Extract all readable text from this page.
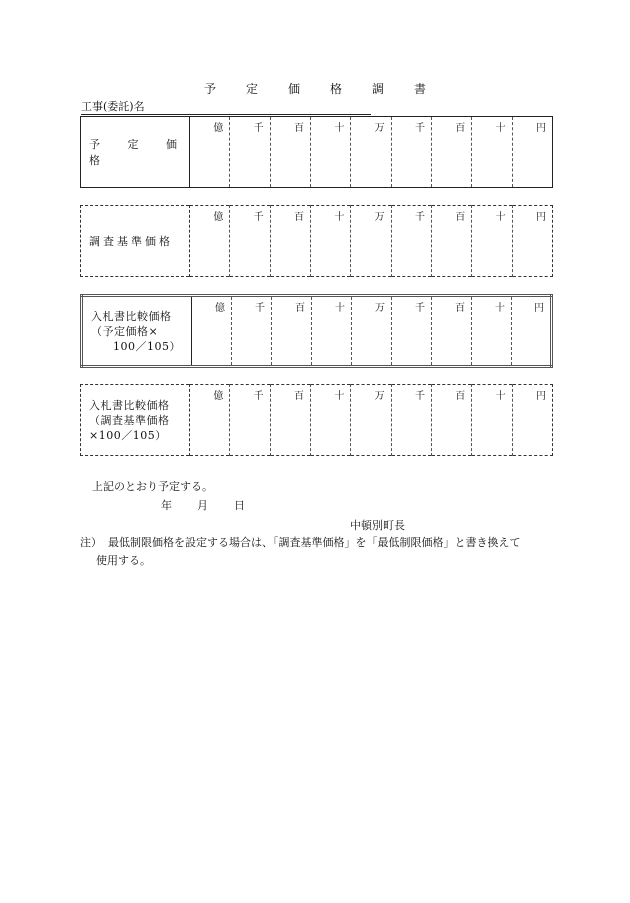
予 定 価 格 調 書
工事(委託)名
予 定 価 格	億	千	百	十	万	千	百	十	円
調査基準価格	億	千	百	十	万	千	百	十	円
入札書比較価格
（予定価格×
100／105）	億	千	百	十	万	千	百	十	円
入札書比較価格
（調査基準価格
×100／105）	億	千	百	十	万	千	百	十	円
上記のとおり予定する。
年 月 日
中頓別町長
注） 最低制限価格を設定する場合は、「調査基準価格」を「最低制限価格」と書き換えて
使用する。
